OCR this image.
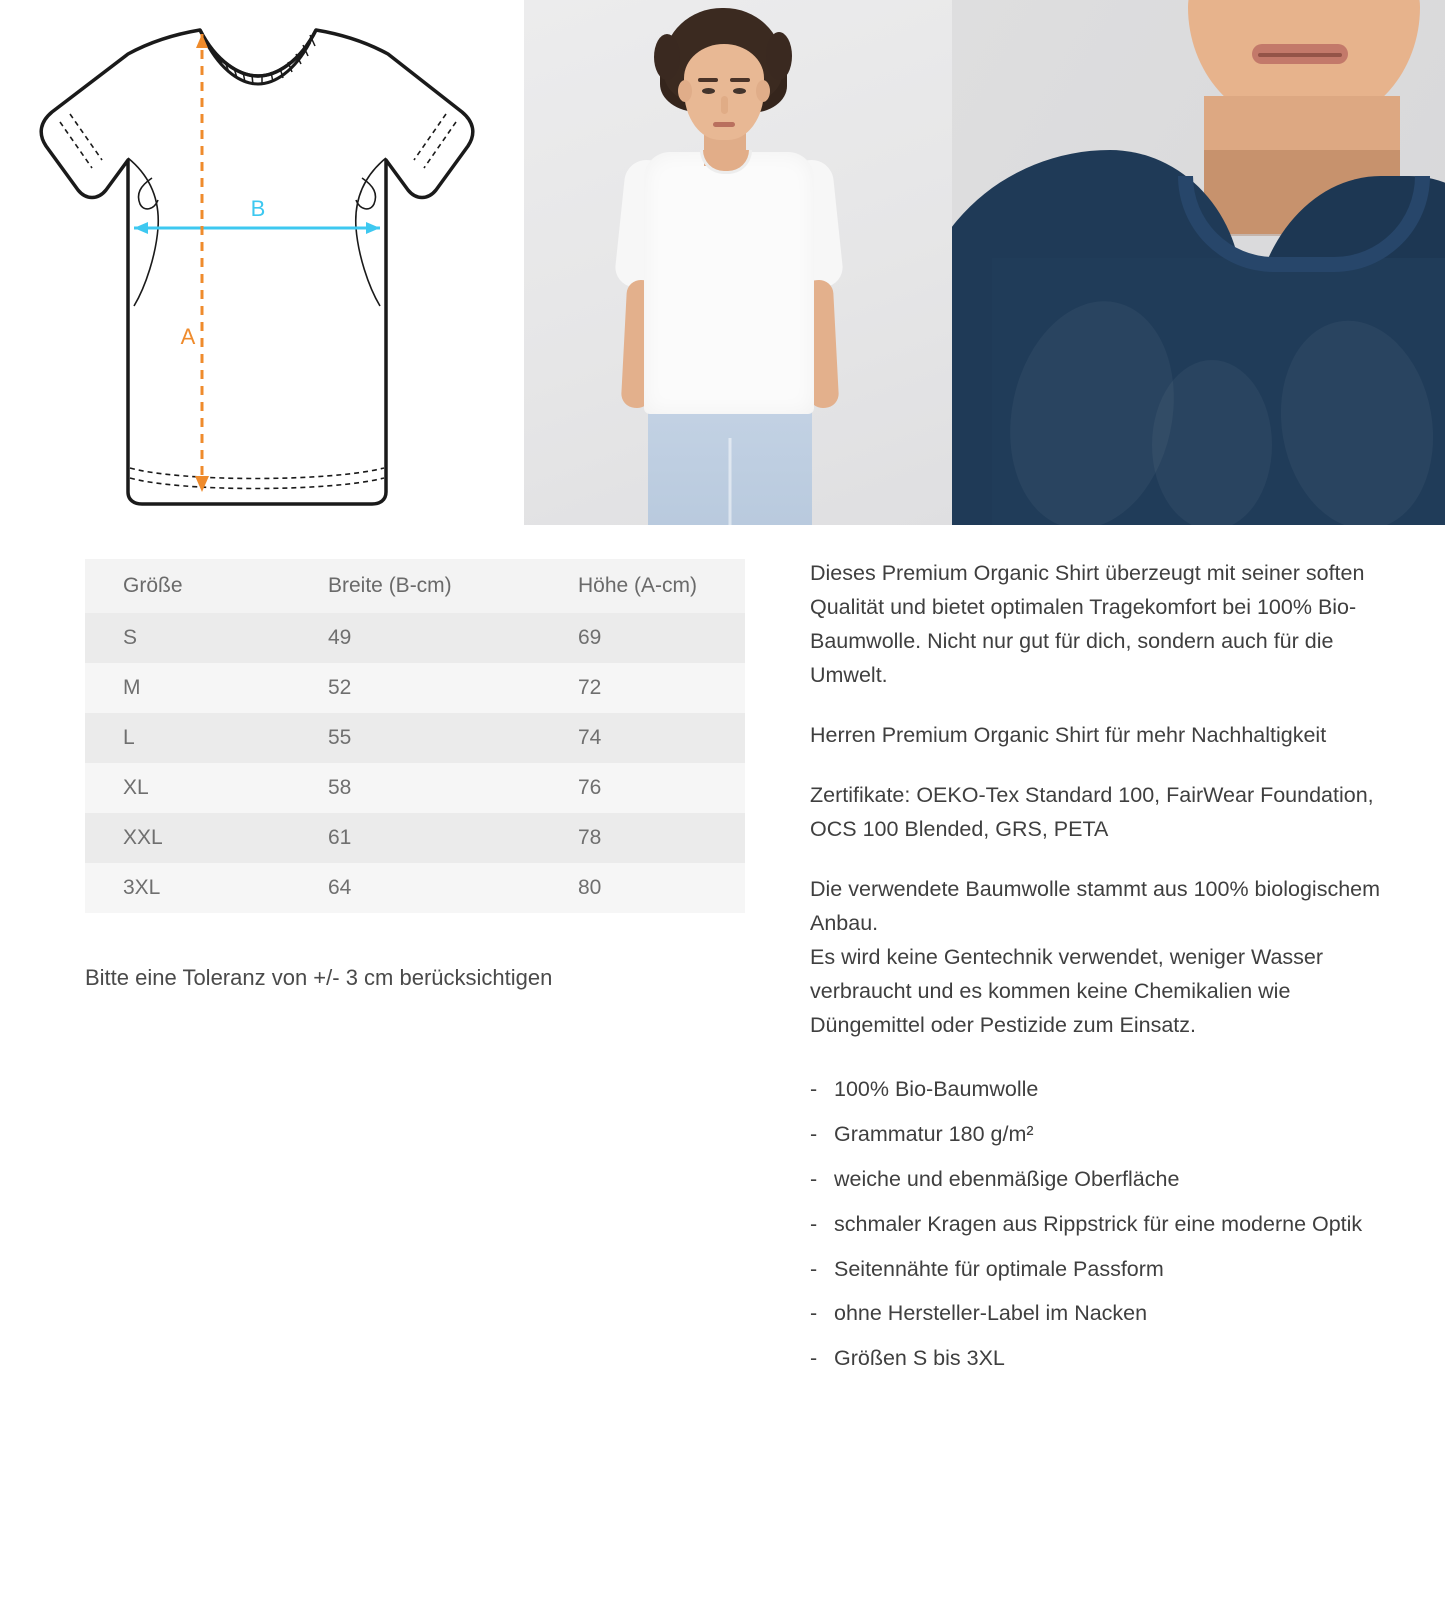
B
A
Größe	Breite (B-cm)	Höhe (A-cm)
S	49	69
M	52	72
L	55	74
XL	58	76
XXL	61	78
3XL	64	80
Bitte eine Toleranz von +/- 3 cm berücksichtigen

Dieses Premium Organic Shirt überzeugt mit seiner soften Qualität und bietet optimalen Tragekomfort bei 100% Bio-Baumwolle. Nicht nur gut für dich, sondern auch für die Umwelt.

Herren Premium Organic Shirt für mehr Nachhaltigkeit

Zertifikate: OEKO-Tex Standard 100, FairWear Foundation, OCS 100 Blended, GRS, PETA

Die verwendete Baumwolle stammt aus 100% biologischem Anbau.

Es wird keine Gentechnik verwendet, weniger Wasser verbraucht und es kommen keine Chemikalien wie Düngemittel oder Pestizide zum Einsatz.

- 100% Bio-Baumwolle
- Grammatur 180 g/m²
- weiche und ebenmäßige Oberfläche
- schmaler Kragen aus Rippstrick für eine moderne Optik
- Seitennähte für optimale Passform
- ohne Hersteller-Label im Nacken
- Größen S bis 3XL
